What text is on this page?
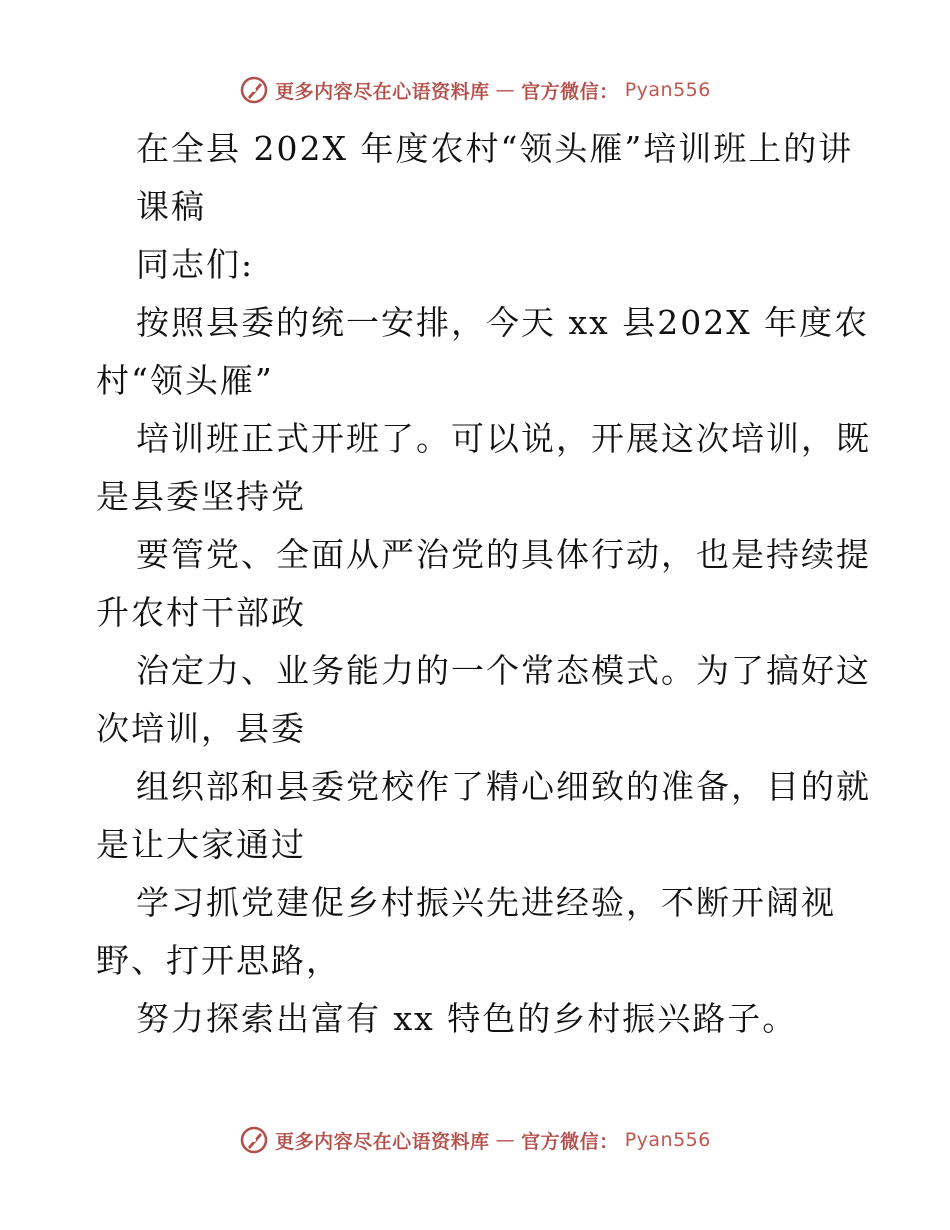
更多内容尽在心语资料库 — 官方微信： Pyan556
在全县 202X 年度农村“领头雁”培训班上的讲
课稿
同志们:
按照县委的统一安排，今天 xx 县202X 年度农
村“领头雁”
培训班正式开班了。可以说，开展这次培训，既
是县委坚持党
要管党、全面从严治党的具体行动，也是持续提
升农村干部政
治定力、业务能力的一个常态模式。为了搞好这
次培训，县委
组织部和县委党校作了精心细致的准备，目的就
是让大家通过
学习抓党建促乡村振兴先进经验，不断开阔视
野、打开思路，
努力探索出富有 xx 特色的乡村振兴路子。
更多内容尽在心语资料库 — 官方微信： Pyan556
